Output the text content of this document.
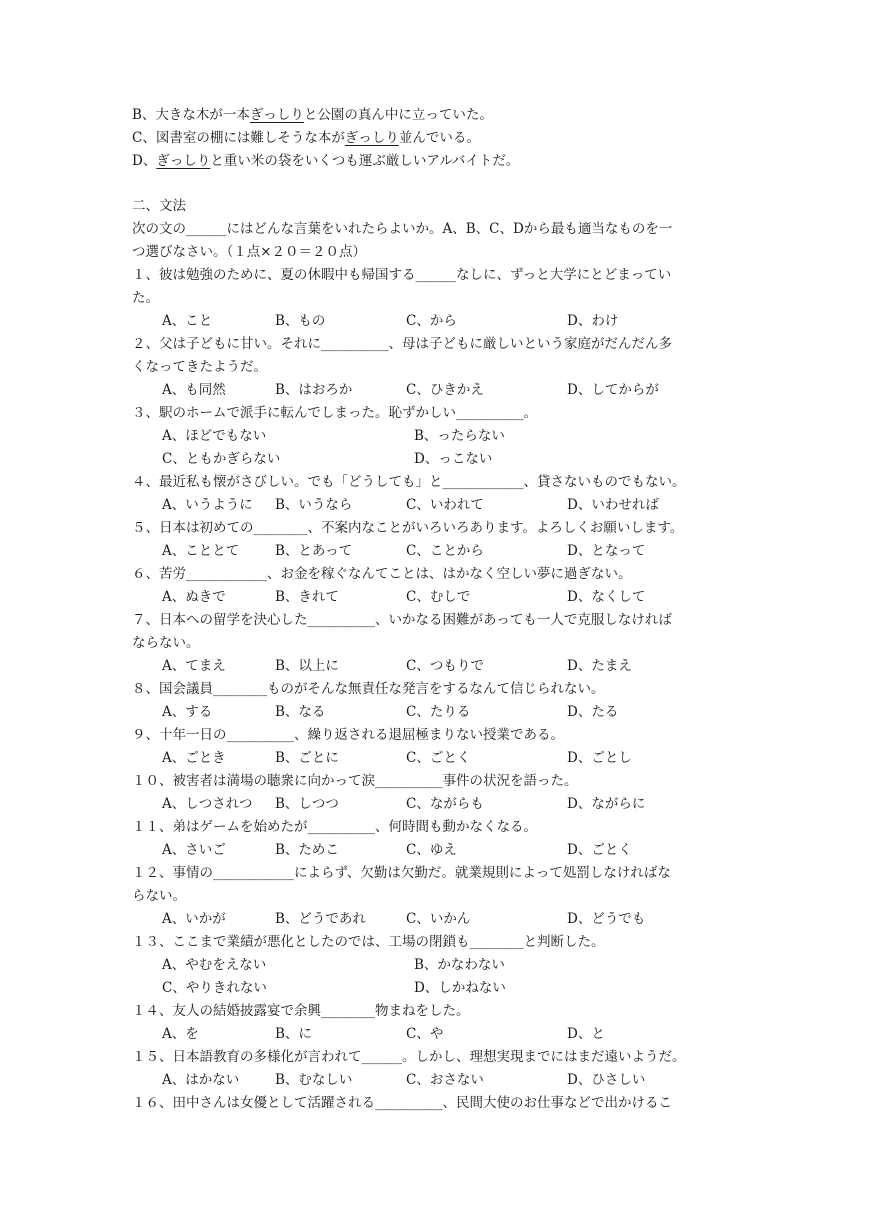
B、大きな木が一本ぎっしりと公園の真ん中に立っていた。
C、図書室の棚には難しそうな本がぎっしり並んでいる。
D、ぎっしりと重い米の袋をいくつも運ぶ厳しいアルバイトだ。
二、文法
次の文の______にはどんな言葉をいれたらよいか。A、B、C、Dから最も適当なものを一
つ選びなさい。（１点×２０＝２０点）
１、彼は勉強のために、夏の休暇中も帰国する______なしに、ずっと大学にとどまってい
た。
A、こと	B、もの	C、から	D、わけ
２、父は子どもに甘い。それに__________、母は子どもに厳しいという家庭がだんだん多
くなってきたようだ。
A、も同然	B、はおろか	C、ひきかえ	D、してからが
３、駅のホームで派手に転んでしまった。恥ずかしい__________。
A、ほどでもない	B、ったらない
C、ともかぎらない	D、っこない
４、最近私も懐がさびしい。でも「どうしても」と____________、貸さないものでもない。
A、いうように B、いうなら	C、いわれて	D、いわせれば
５、日本は初めての________、不案内なことがいろいろあります。よろしくお願いします。
A、こととて	B、とあって	C、ことから	D、となって
６、苦労____________、お金を稼ぐなんてことは、はかなく空しい夢に過ぎない。
A、ぬきで	B、きれて	C、むしで	D、なくして
７、日本への留学を決心した__________、いかなる困難があっても一人で克服しなければ
ならない。
A、てまえ	B、以上に	C、つもりで	D、たまえ
８、国会議員________ものがそんな無責任な発言をするなんて信じられない。
A、する	B、なる	C、たりる	D、たる
９、十年一日の__________、繰り返される退屈極まりない授業である。
A、ごとき	B、ごとに	C、ごとく	D、ごとし
１０、被害者は満場の聴衆に向かって涙__________事件の状況を語った。
A、しつされつ B、しつつ	C、ながらも	D、ながらに
１１、弟はゲームを始めたが__________、何時間も動かなくなる。
A、さいご	B、ためこ	C、ゆえ	D、ごとく
１２、事情の____________によらず、欠勤は欠勤だ。就業規則によって処罰しなければな
らない。
A、いかが	B、どうであれ	C、いかん	D、どうでも
１３、ここまで業績が悪化としたのでは、工場の閉鎖も________と判断した。
A、やむをえない	B、かなわない
C、やりきれない	D、しかねない
１４、友人の結婚披露宴で余興________物まねをした。
A、を	B、に	C、や	D、と
１５、日本語教育の多様化が言われて______。しかし、理想実現までにはまだ遠いようだ。
A、はかない	B、むなしい	C、おさない	D、ひさしい
１６、田中さんは女優として活躍される__________、民間大使のお仕事などで出かけるこ
